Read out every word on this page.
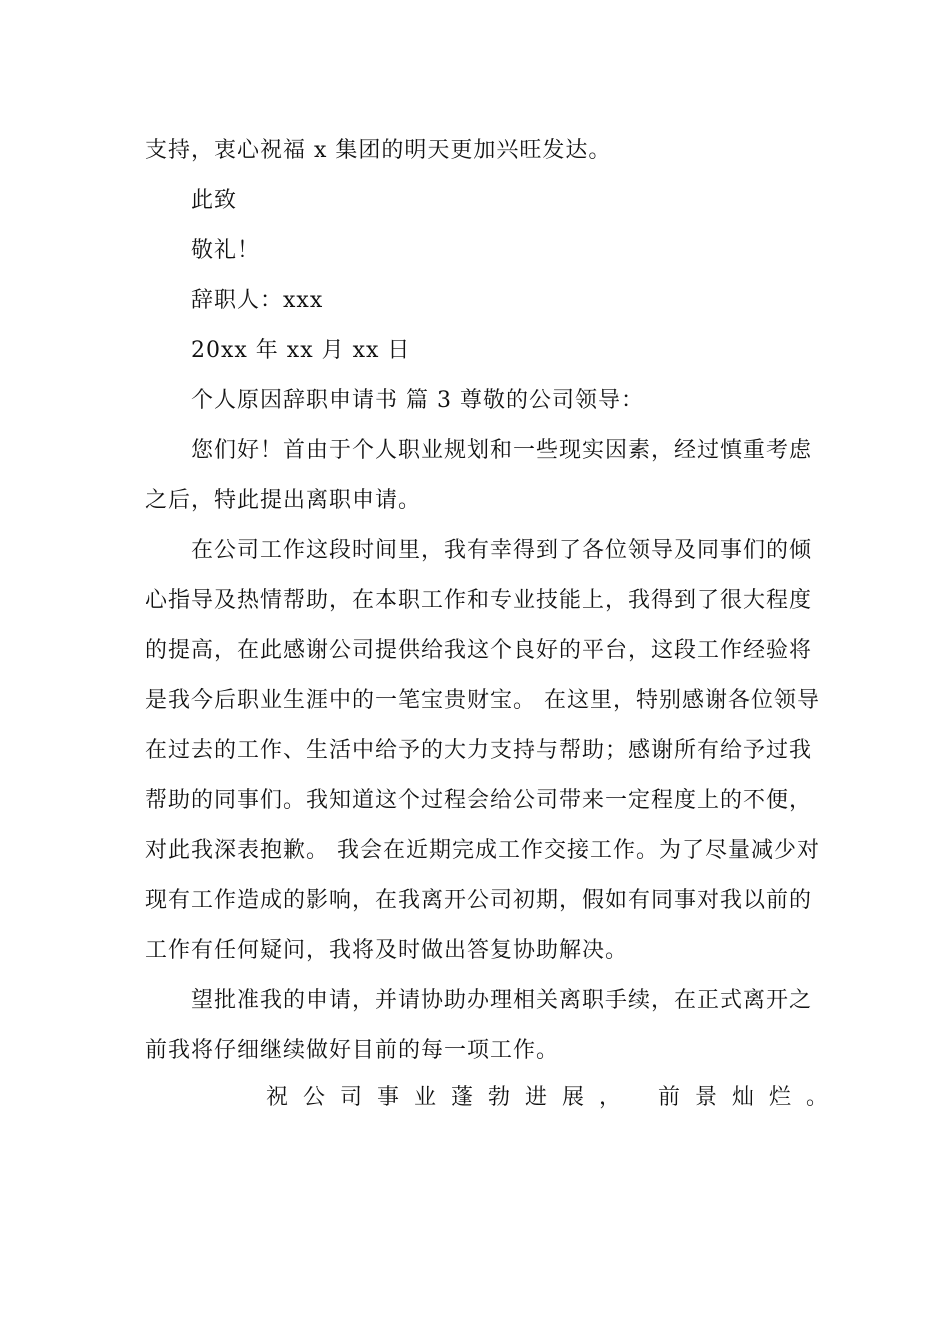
支持，衷心祝福 x 集团的明天更加兴旺发达。
此致
敬礼！
辞职人：xxx
20xx 年 xx 月 xx 日
个人原因辞职申请书 篇 3 尊敬的公司领导：
您们好！首由于个人职业规划和一些现实因素，经过慎重考虑
之后，特此提出离职申请。
在公司工作这段时间里，我有幸得到了各位领导及同事们的倾
心指导及热情帮助，在本职工作和专业技能上，我得到了很大程度
的提高，在此感谢公司提供给我这个良好的平台，这段工作经验将
是我今后职业生涯中的一笔宝贵财宝。 在这里，特别感谢各位领导
在过去的工作、生活中给予的大力支持与帮助；感谢所有给予过我
帮助的同事们。我知道这个过程会给公司带来一定程度上的不便，
对此我深表抱歉。 我会在近期完成工作交接工作。为了尽量减少对
现有工作造成的影响，在我离开公司初期，假如有同事对我以前的
工作有任何疑问，我将及时做出答复协助解决。
望批准我的申请，并请协助办理相关离职手续，在正式离开之
前我将仔细继续做好目前的每一项工作。
祝公司事业蓬勃进展， 前景灿烂。
